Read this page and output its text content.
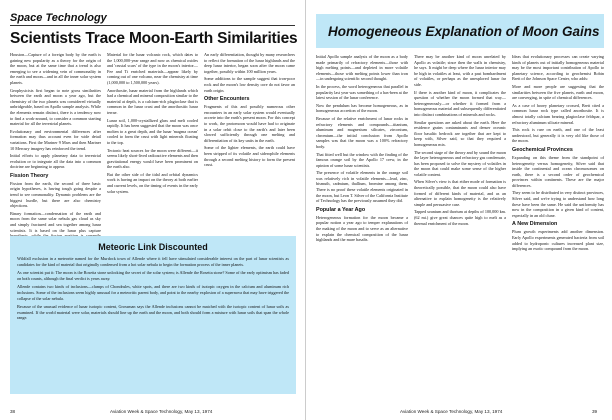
Space Technology
Scientists Trace Moon-Earth Similarities

Houston—Capture of a foreign body by the earth is gaining new popularity as a theory for the origin of the moon, but at the same time that a trend is also emerging to see a widening vein of commonality in the earth and moon—and in all the inner solar system planets.

Geophysicists first began to note gross similarities between the earth and moon a year ago, but the chemistry of the two planets was considered virtually unbridgeable, based on Apollo sample analysis. While the elements remain distinct, there is a tendency now to find a work-around, to consider a common starting material for all the terrestrial planets.

Evolutionary and environmental differences after formation may thus account even for wide detail variations. First the Mariner 9 Mars and then Mariner 10 Mercury imagery has reinforced the trend.

Initial efforts to apply planetary data to terrestrial evolution or to integrate all the data into a common doctrine are beginning to appear.

Fission Theory

Fission from the earth, the second of three basic origin hypotheses, is having tough going despite a trend to see commonality. Dynamic problems are the biggest hurdle, but there are also chemistry objections.

Binary formation—condensation of the earth and moon from the same solar nebula gas cloud as sky and simply fractured and sea together among lunar scientists. It is based on the lunar plus capture

Material for the lunar volcanic rock, which dates to the 1,000,000-year range and now as chemical oxides and 'crustal scars' of the type in the moon's interior—Fee and Ti enriched materials—appear likely by coming out of one volcano, near the chemistry at time (1,000,000 to 1,500,000 years).

Anorthosite, lunar material from the highlands which had a chemical and mineral composition similar to the material at depth, is a calcium-rich plagioclase that is common in the lunar crust and the anorthositic lunar terrae.

Lunar soil, 1,000-crystallized glass and melt cooled rapidly. It has been suggested that the moon was once molten to a great depth, and the lunar 'magma ocean' cooled to form the crust with light minerals floating to the top.

Tectonic heat sources for the moon were different—it seems likely short-lived radioactive elements and then gravitational energy would have been prominent on the earth also.

But the other side of the tidal and orbital dynamics work is having an impact on the theory at both earlier and current levels, on the timing of events in the early solar system.

An early differentiation, thought by many researchers to reflect the formation of the lunar highlands and the deep lunar interior, began soon after the moon came together, possibly within 100 million years.

Some additions to the sample suggest that iron-poor rock and the moon's low density core do not favor an earth origin.

Other Encounters

Fragments of this and possibly numerous other encounters in an early solar system would eventually accrete into the earth's present moon. For this concept to work, the protomoon would have had to originate in a solar orbit close to the earth's and later been slowed sufficiently through one melting and differentiation of its key units in the earth.

Some of the lighter elements, the earth could have been stripped of its volatile and siderophile elements through a second melting history to form the present crust.

Meteoric Link Discounted

Wildfall exclusion in a meteorite named for the Murdock town of Allende where it fell have stimulated considerable interest on the part of lunar scientists as candidates for the kind of material that originally condensed from a hot solar nebula to begin the formation process of the inner planets.

As one scientist put it: The moon is the Rosetta stone unlocking the secret of the solar system; is Allende the Rosetta stone? Some of the early optimism has faded on both counts, although the final verdict is years away.

Allende contains two kinds of inclusions—clumps of Chondrules, white spots, and there are two kinds of isotopic oxygen in the calcium and aluminum rich inclusions. Some of the inclusions seem highly unusual for a meteoritic parent body, and point to the nearby explosion of a supernova that may have triggered the collapse of the solar nebula.

Because of the unusual evidence of lunar isotopic content, Grossman says the Allende inclusions cannot be matched with the isotopic content of lunar soils as examined. If the world material were solar, materials should line up the earth and the moon, and both should form a mixture with lunar soils that span the whole range.

Homogeneous Explanation of Moon Gains

Initial Apollo sample analysis of the moon as a body made primarily of refractory elements—those with high melting points—and depleted in more volatile elements—those with melting points lower than iron—in undergoing scientific second thought.

In the process, the word heterogeneous that parallel in popularity last year was something of a has-been at the latest session of the lunar conference.

Now the pendulum has become homogeneous, as in homogeneous accretion of the moon.

Because of the relative enrichment of lunar rocks in refractory elements and compounds—titanium, aluminum and magnesium silicates, zirconium, chromium—the initial conclusion from Apollo samples was that the moon was a 100% refractory body.

That fitted well but the window with the finding of the famous orange soil by the Apollo 17 crew, in the opinion of some lunar scientists.

The presence of volatile elements in the orange soil was relatively rich in volatile elements—lead, zinc, bismuth, cadmium, thallium, bromine among them. There is no proof these volatile elements originated in the moon, but Leon T. Silver of the California Institute of Technology has the previously assumed they did.

Popular a Year Ago

Heterogeneous formation for the moon became a popular notion a year ago to temper explanations of the making of the moon and to serve as an alternative to explain the chemical composition of the lunar highlands and the mare basalts.

There may be another kind of moon unrelated by Apollo as volatile; since then the walls in chemistry, he says. It might be deep where the lunar interior may be high in volatiles at least, with a past bombardment of volatiles, or perhaps as the unexplored lunar far side.

If there is another kind of moon, it complicates the question of whether the moon formed that way—heterogeneously—or whether it formed from a homogeneous material and subsequently differentiated into distinct combinations of minerals and rocks.

Similar questions are asked about the earth. Here the residence grains contaminants and denser oceanic floor basaltic bedrock are together that are kept to keep with, Silver said, so that they required a homogeneous mix.

The second stage of the theory and by sound the moon the layer heterogeneous and refractory gas condensate, has been proposed to solve the mystery of volatiles in the moon that could make some sense of the higher volatile content.

When Silver's view is that either mode of formation is theoretically possible, that the moon could also have formed of different kinds of material, and as an alternative to explain homogeneity is the relatively simple and persuasive case.

Tapped uranium and thorium at depths of 100,000 km. (62 mi.) give great chances quite high to melt as a thermal enrichment of the moon.

Ideas that evolutionary processes can create varying kinds of planets out of initially homogeneous material may be the most important contribution of Apollo to planetary science, according to geochemist Robin Brett of the Johnson Space Center, who adds:

More and more people are suggesting that the similarities between the five planets, earth and moon, are converging, in spite of chemical differences.

As a case of hooey planetary crossed, Brett cited a common lunar rock type called anorthosite. It is almost totally calcium bearing plagioclase feldspar, a refractory aluminum silicate mineral.

This rock is rare on earth, and one of the least understood, but generally it is very old like those of the moon.

Geochemical Provinces

Expanding on this theme from the standpoint of heterogeneity versus homogeneity, Silver said that inside the continental and ocean chromosomes on earth, there is a second order of geochemical provinces within continents. These are the major differences.

They seem to be distributed in very distinct provinces, Silver said, and we're trying to understand how long these have been the same. He said the uniformity has now in the composition in a given kind of content, especially in an old clune.

A New Dimension

Plum growth experiments add another dimension. Early Apollo experiments generated bacteria from soil added to hydroponic cultures increased plant size, implying an exotic compound from the moon.

38	Aviation Week & Space Technology, May 13, 1974	Aviation Week & Space Technology, May 13, 1974	39
